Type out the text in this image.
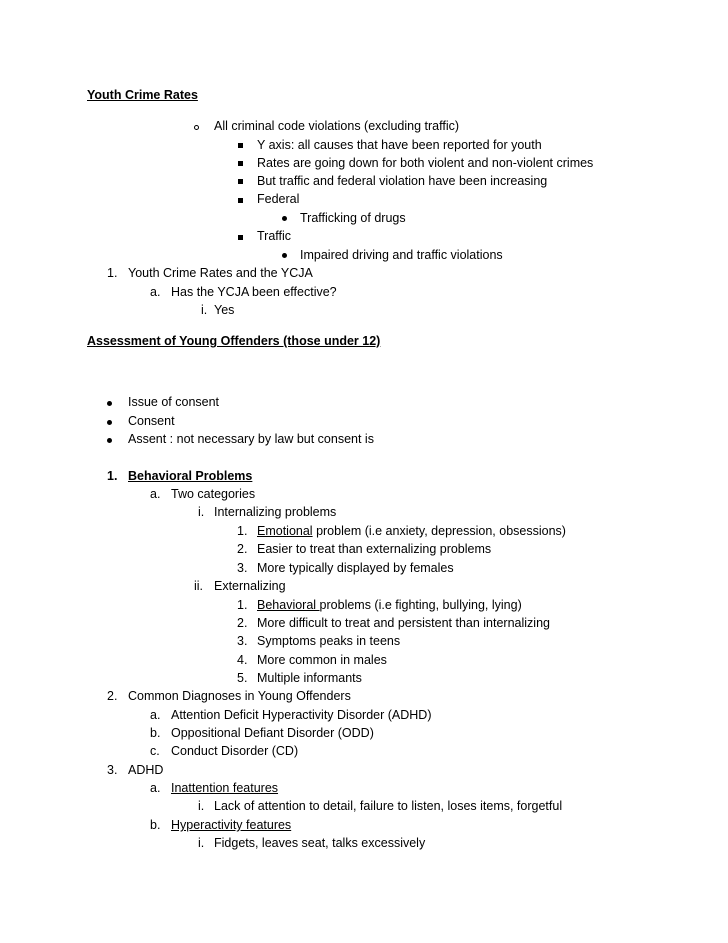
Youth Crime Rates
All criminal code violations (excluding traffic)
Y axis: all causes that have been reported for youth
Rates are going down for both violent and non-violent crimes
But traffic and federal violation have been increasing
Federal
Trafficking of drugs
Traffic
Impaired driving and traffic violations
1. Youth Crime Rates and the YCJA
a. Has the YCJA been effective?
i. Yes
Assessment of Young Offenders (those under 12)
Issue of consent
Consent
Assent : not necessary by law but consent is
1. Behavioral Problems
a. Two categories
i. Internalizing problems
1. Emotional problem (i.e anxiety, depression, obsessions)
2. Easier to treat than externalizing problems
3. More typically displayed by females
ii. Externalizing
1. Behavioral problems (i.e fighting, bullying, lying)
2. More difficult to treat and persistent than internalizing
3. Symptoms peaks in teens
4. More common in males
5. Multiple informants
2. Common Diagnoses in Young Offenders
a. Attention Deficit Hyperactivity Disorder (ADHD)
b. Oppositional Defiant Disorder (ODD)
c. Conduct Disorder (CD)
3. ADHD
a. Inattention features
i. Lack of attention to detail, failure to listen, loses items, forgetful
b. Hyperactivity features
i. Fidgets, leaves seat, talks excessively
